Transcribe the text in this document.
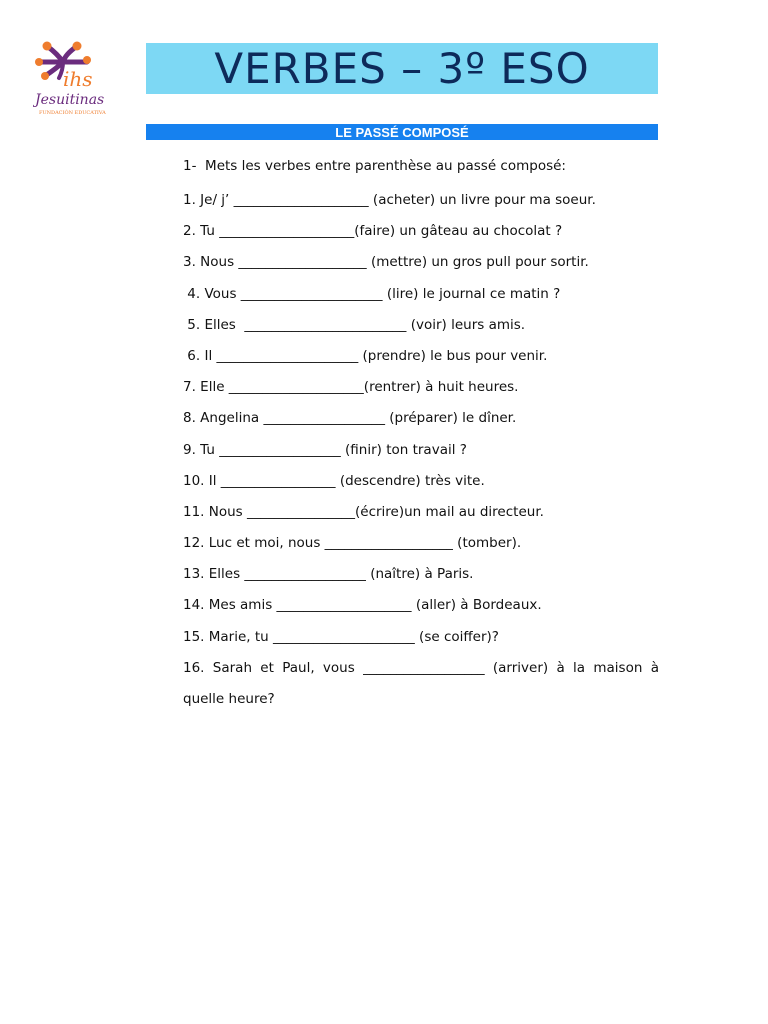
ihs
Jesuitinas
FUNDACIÓN EDUCATIVA
VERBES – 3º ESO
LE PASSÉ COMPOSÉ
1-  Mets les verbes entre parenthèse au passé composé:
1. Je/ j’ ____________________ (acheter) un livre pour ma soeur.
2. Tu ____________________(faire) un gâteau au chocolat ?
3. Nous ___________________ (mettre) un gros pull pour sortir.
4. Vous _____________________ (lire) le journal ce matin ?
5. Elles  ________________________ (voir) leurs amis.
6. Il _____________________ (prendre) le bus pour venir.
7. Elle ____________________(rentrer) à huit heures.
8. Angelina __________________ (préparer) le dîner.
9. Tu __________________ (finir) ton travail ?
10. Il _________________ (descendre) très vite.
11. Nous ________________(écrire)un mail au directeur.
12. Luc et moi, nous ___________________ (tomber).
13. Elles __________________ (naître) à Paris.
14. Mes amis ____________________ (aller) à Bordeaux.
15. Marie, tu _____________________ (se coiffer)?
16. Sarah et Paul, vous __________________ (arriver) à la maison à quelle heure?
